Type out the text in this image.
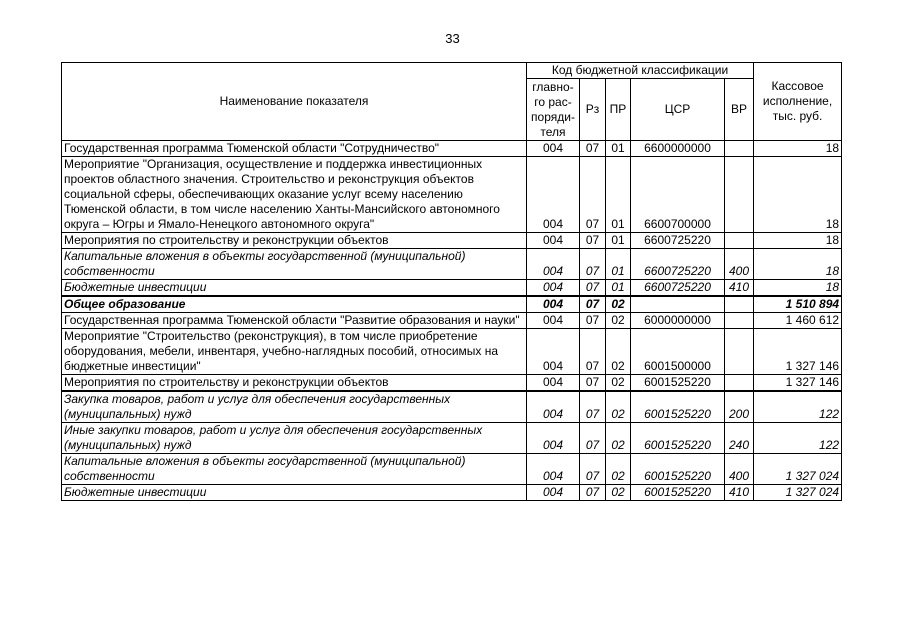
33
Наименование показателя	Код бюджетной классификации					Кассовое исполнение, тыс. руб.
	главно-го рас-поряди-теля	Рз	ПР	ЦСР	ВР	
Государственная программа Тюменской области "Сотрудничество"	004	07	01	6600000000		18
Мероприятие "Организация, осуществление и поддержка инвестиционных проектов областного значения. Строительство и реконструкция объектов социальной сферы, обеспечивающих оказание услуг всему населению Тюменской области, в том числе населению Ханты-Мансийского автономного округа – Югры и Ямало-Ненецкого автономного округа"	004	07	01	6600700000		18
Мероприятия по строительству и реконструкции объектов	004	07	01	6600725220		18
Капитальные вложения в объекты государственной (муниципальной) собственности	004	07	01	6600725220	400	18
Бюджетные инвестиции	004	07	01	6600725220	410	18
Общее образование	004	07	02			1 510 894
Государственная программа Тюменской области "Развитие образования и науки"	004	07	02	6000000000		1 460 612
Мероприятие "Строительство (реконструкция), в том числе приобретение оборудования, мебели, инвентаря, учебно-наглядных пособий, относимых на бюджетные инвестиции"	004	07	02	6001500000		1 327 146
Мероприятия по строительству и реконструкции объектов	004	07	02	6001525220		1 327 146
Закупка товаров, работ и услуг для обеспечения государственных (муниципальных) нужд	004	07	02	6001525220	200	122
Иные закупки товаров, работ и услуг для обеспечения государственных (муниципальных) нужд	004	07	02	6001525220	240	122
Капитальные вложения в объекты государственной (муниципальной) собственности	004	07	02	6001525220	400	1 327 024
Бюджетные инвестиции	004	07	02	6001525220	410	1 327 024
